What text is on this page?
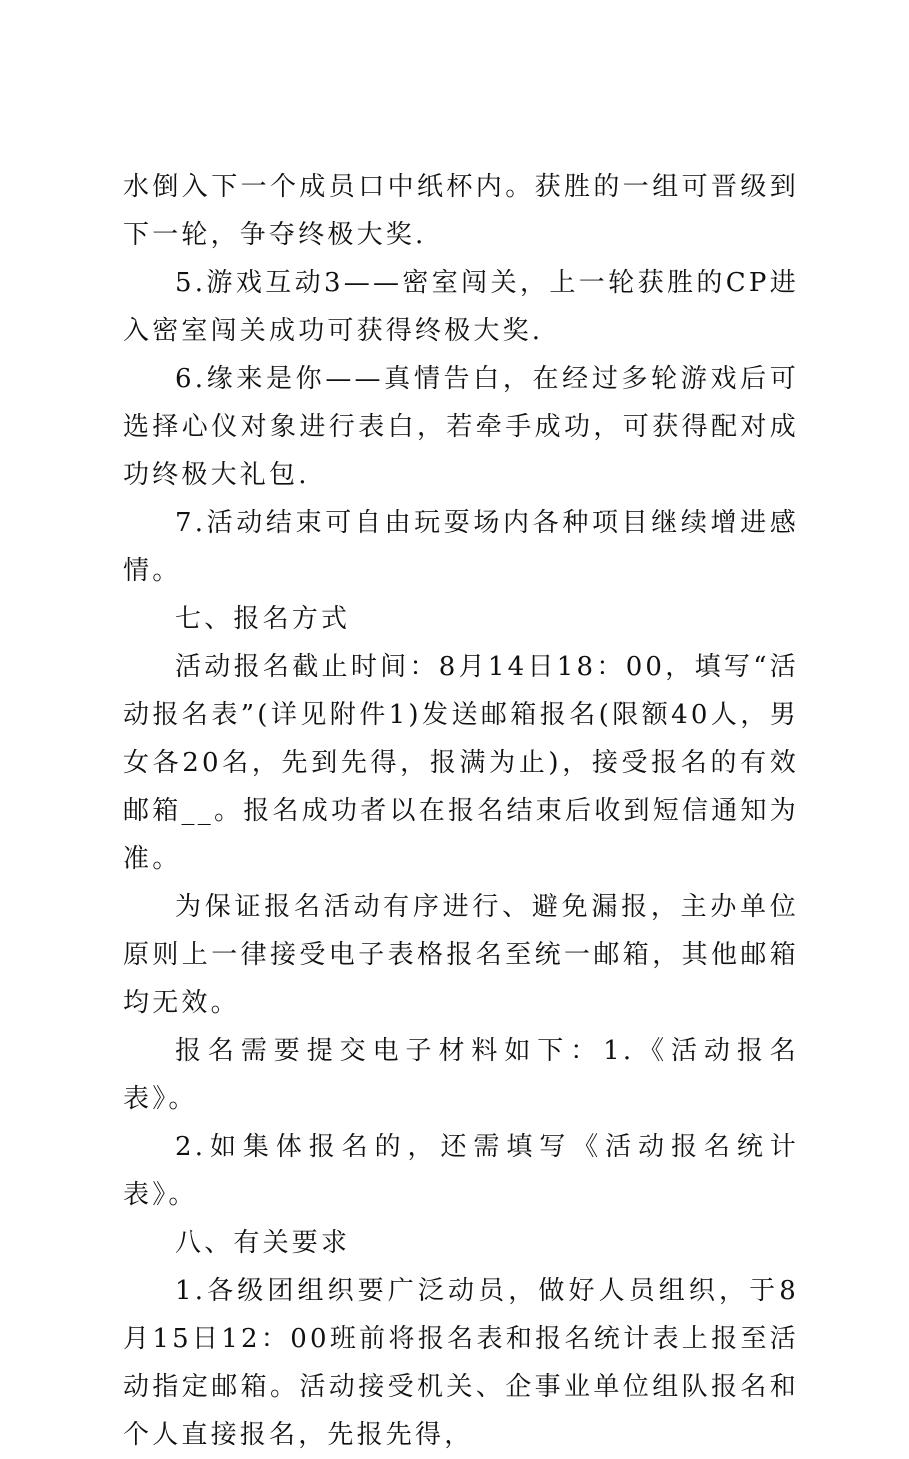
水倒入下一个成员口中纸杯内。获胜的一组可晋级到下一轮，争夺终极大奖.

5.游戏互动3——密室闯关，上一轮获胜的CP进入密室闯关成功可获得终极大奖.

6.缘来是你——真情告白，在经过多轮游戏后可选择心仪对象进行表白，若牵手成功，可获得配对成功终极大礼包.

7.活动结束可自由玩耍场内各种项目继续增进感情。

七、报名方式

活动报名截止时间：8月14日18：00，填写“活动报名表”(详见附件1)发送邮箱报名(限额40人，男女各20名，先到先得，报满为止)，接受报名的有效邮箱__。报名成功者以在报名结束后收到短信通知为准。

为保证报名活动有序进行、避免漏报，主办单位原则上一律接受电子表格报名至统一邮箱，其他邮箱均无效。

报名需要提交电子材料如下：1.《活动报名表》。

2.如集体报名的，还需填写《活动报名统计表》。

八、有关要求

1.各级团组织要广泛动员，做好人员组织，于8月15日12：00班前将报名表和报名统计表上报至活动指定邮箱。活动接受机关、企事业单位组队报名和个人直接报名，先报先得，
